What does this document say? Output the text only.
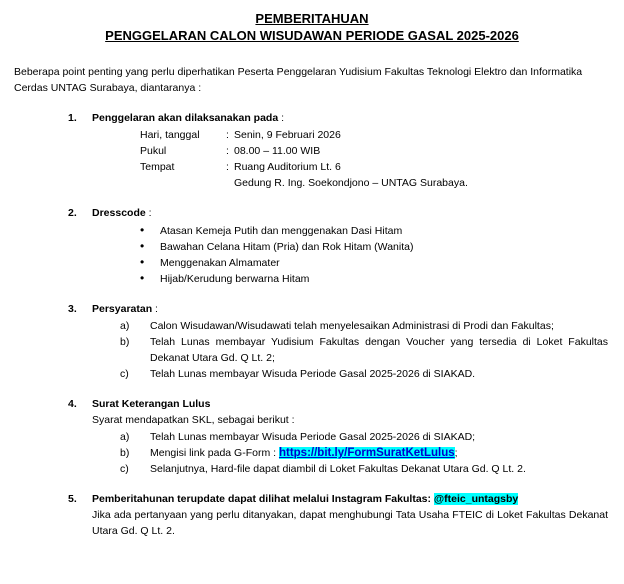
PEMBERITAHUAN
PENGGELARAN CALON WISUDAWAN PERIODE GASAL 2025-2026
Beberapa point penting yang perlu diperhatikan Peserta Penggelaran Yudisium Fakultas Teknologi Elektro dan Informatika Cerdas UNTAG Surabaya, diantaranya :
1.	Penggelaran akan dilaksanakan pada :
Hari, tanggal	:	Senin, 9 Februari 2026
Pukul	:	08.00 – 11.00 WIB
Tempat	:	Ruang Auditorium Lt. 6
		Gedung R. Ing. Soekondjono – UNTAG Surabaya.
2.	Dresscode :
• Atasan Kemeja Putih dan menggenakan Dasi Hitam
• Bawahan Celana Hitam (Pria) dan Rok Hitam (Wanita)
• Menggenakan Almamater
• Hijab/Kerudung berwarna Hitam
3.	Persyaratan :
a)	Calon Wisudawan/Wisudawati telah menyelesaikan Administrasi di Prodi dan Fakultas;
b)	Telah Lunas membayar Yudisium Fakultas dengan Voucher yang tersedia di Loket Fakultas Dekanat Utara Gd. Q Lt. 2;
c)	Telah Lunas membayar Wisuda Periode Gasal 2025-2026 di SIAKAD.
4.	Surat Keterangan Lulus
Syarat mendapatkan SKL, sebagai berikut :
a)	Telah Lunas membayar Wisuda Periode Gasal 2025-2026 di SIAKAD;
b)	Mengisi link pada G-Form : https://bit.ly/FormSuratKetLulus;
c)	Selanjutnya, Hard-file dapat diambil di Loket Fakultas Dekanat Utara Gd. Q Lt. 2.
5.	Pemberitahunan terupdate dapat dilihat melalui Instagram Fakultas: @fteic_untagsby
Jika ada pertanyaan yang perlu ditanyakan, dapat menghubungi Tata Usaha FTEIC di Loket Fakultas Dekanat Utara Gd. Q Lt. 2.
